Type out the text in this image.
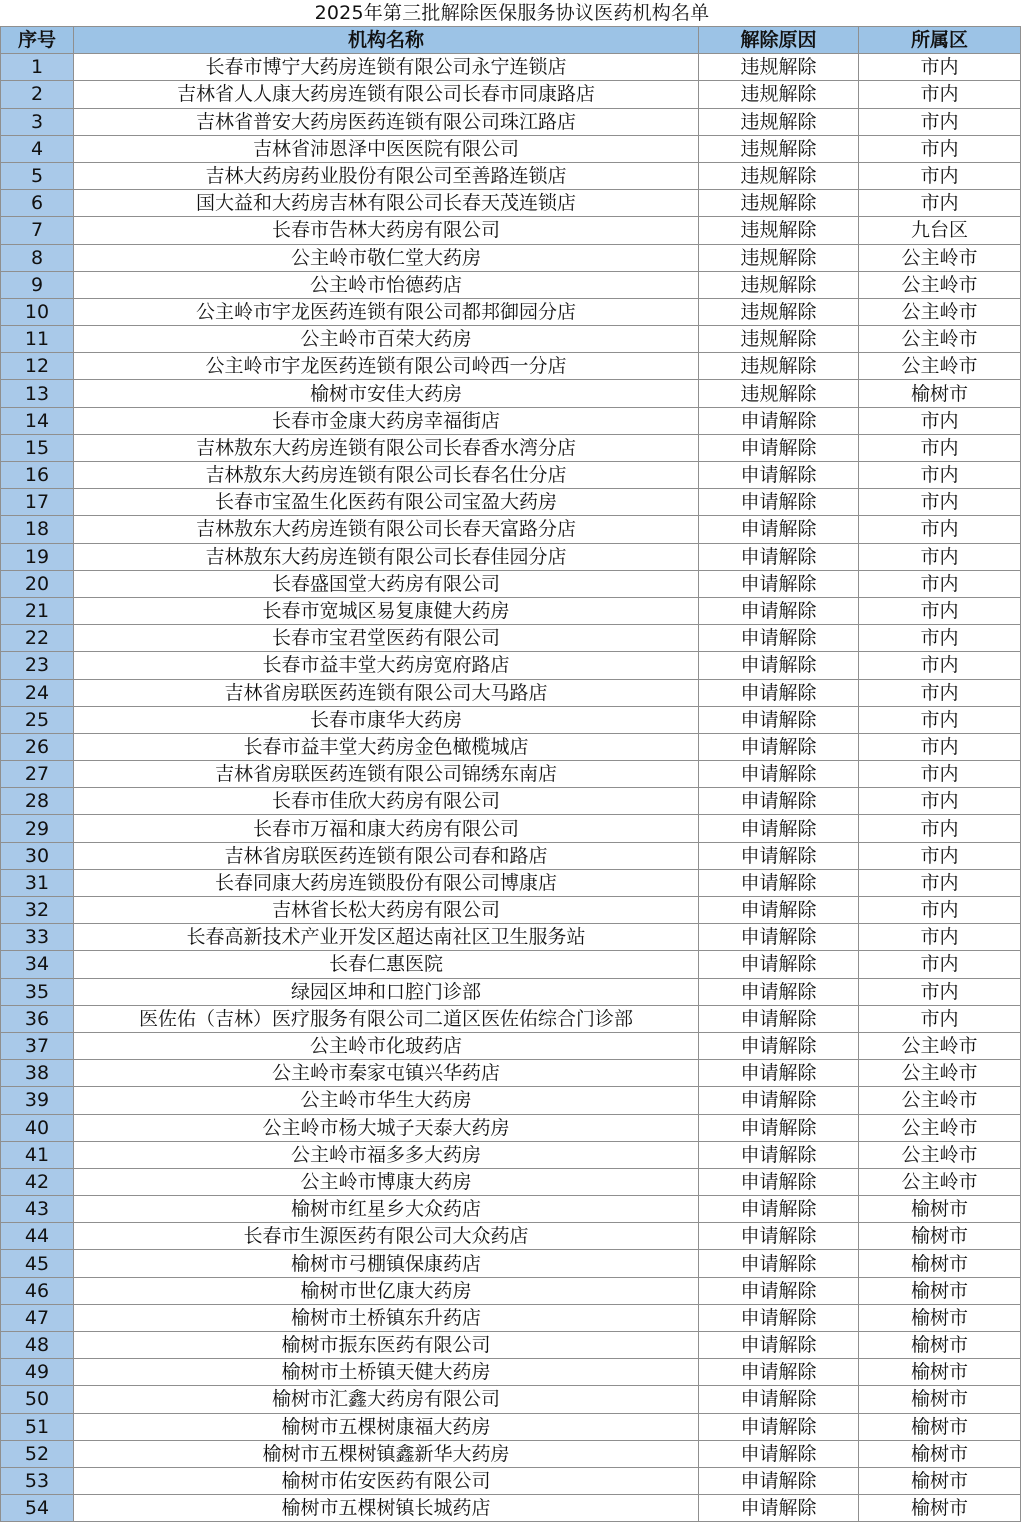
2025年第三批解除医保服务协议医药机构名单
序号	机构名称	解除原因	所属区
1	长春市博宁大药房连锁有限公司永宁连锁店	违规解除	市内
2	吉林省人人康大药房连锁有限公司长春市同康路店	违规解除	市内
3	吉林省普安大药房医药连锁有限公司珠江路店	违规解除	市内
4	吉林省沛恩泽中医医院有限公司	违规解除	市内
5	吉林大药房药业股份有限公司至善路连锁店	违规解除	市内
6	国大益和大药房吉林有限公司长春天茂连锁店	违规解除	市内
7	长春市告林大药房有限公司	违规解除	九台区
8	公主岭市敬仁堂大药房	违规解除	公主岭市
9	公主岭市怡德药店	违规解除	公主岭市
10	公主岭市宇龙医药连锁有限公司都邦御园分店	违规解除	公主岭市
11	公主岭市百荣大药房	违规解除	公主岭市
12	公主岭市宇龙医药连锁有限公司岭西一分店	违规解除	公主岭市
13	榆树市安佳大药房	违规解除	榆树市
14	长春市金康大药房幸福街店	申请解除	市内
15	吉林敖东大药房连锁有限公司长春香水湾分店	申请解除	市内
16	吉林敖东大药房连锁有限公司长春名仕分店	申请解除	市内
17	长春市宝盈生化医药有限公司宝盈大药房	申请解除	市内
18	吉林敖东大药房连锁有限公司长春天富路分店	申请解除	市内
19	吉林敖东大药房连锁有限公司长春佳园分店	申请解除	市内
20	长春盛国堂大药房有限公司	申请解除	市内
21	长春市宽城区易复康健大药房	申请解除	市内
22	长春市宝君堂医药有限公司	申请解除	市内
23	长春市益丰堂大药房宽府路店	申请解除	市内
24	吉林省房联医药连锁有限公司大马路店	申请解除	市内
25	长春市康华大药房	申请解除	市内
26	长春市益丰堂大药房金色橄榄城店	申请解除	市内
27	吉林省房联医药连锁有限公司锦绣东南店	申请解除	市内
28	长春市佳欣大药房有限公司	申请解除	市内
29	长春市万福和康大药房有限公司	申请解除	市内
30	吉林省房联医药连锁有限公司春和路店	申请解除	市内
31	长春同康大药房连锁股份有限公司博康店	申请解除	市内
32	吉林省长松大药房有限公司	申请解除	市内
33	长春高新技术产业开发区超达南社区卫生服务站	申请解除	市内
34	长春仁惠医院	申请解除	市内
35	绿园区坤和口腔门诊部	申请解除	市内
36	医佐佑（吉林）医疗服务有限公司二道区医佐佑综合门诊部	申请解除	市内
37	公主岭市化玻药店	申请解除	公主岭市
38	公主岭市秦家屯镇兴华药店	申请解除	公主岭市
39	公主岭市华生大药房	申请解除	公主岭市
40	公主岭市杨大城子天泰大药房	申请解除	公主岭市
41	公主岭市福多多大药房	申请解除	公主岭市
42	公主岭市博康大药房	申请解除	公主岭市
43	榆树市红星乡大众药店	申请解除	榆树市
44	长春市生源医药有限公司大众药店	申请解除	榆树市
45	榆树市弓棚镇保康药店	申请解除	榆树市
46	榆树市世亿康大药房	申请解除	榆树市
47	榆树市土桥镇东升药店	申请解除	榆树市
48	榆树市振东医药有限公司	申请解除	榆树市
49	榆树市土桥镇天健大药房	申请解除	榆树市
50	榆树市汇鑫大药房有限公司	申请解除	榆树市
51	榆树市五棵树康福大药房	申请解除	榆树市
52	榆树市五棵树镇鑫新华大药房	申请解除	榆树市
53	榆树市佑安医药有限公司	申请解除	榆树市
54	榆树市五棵树镇长城药店	申请解除	榆树市
